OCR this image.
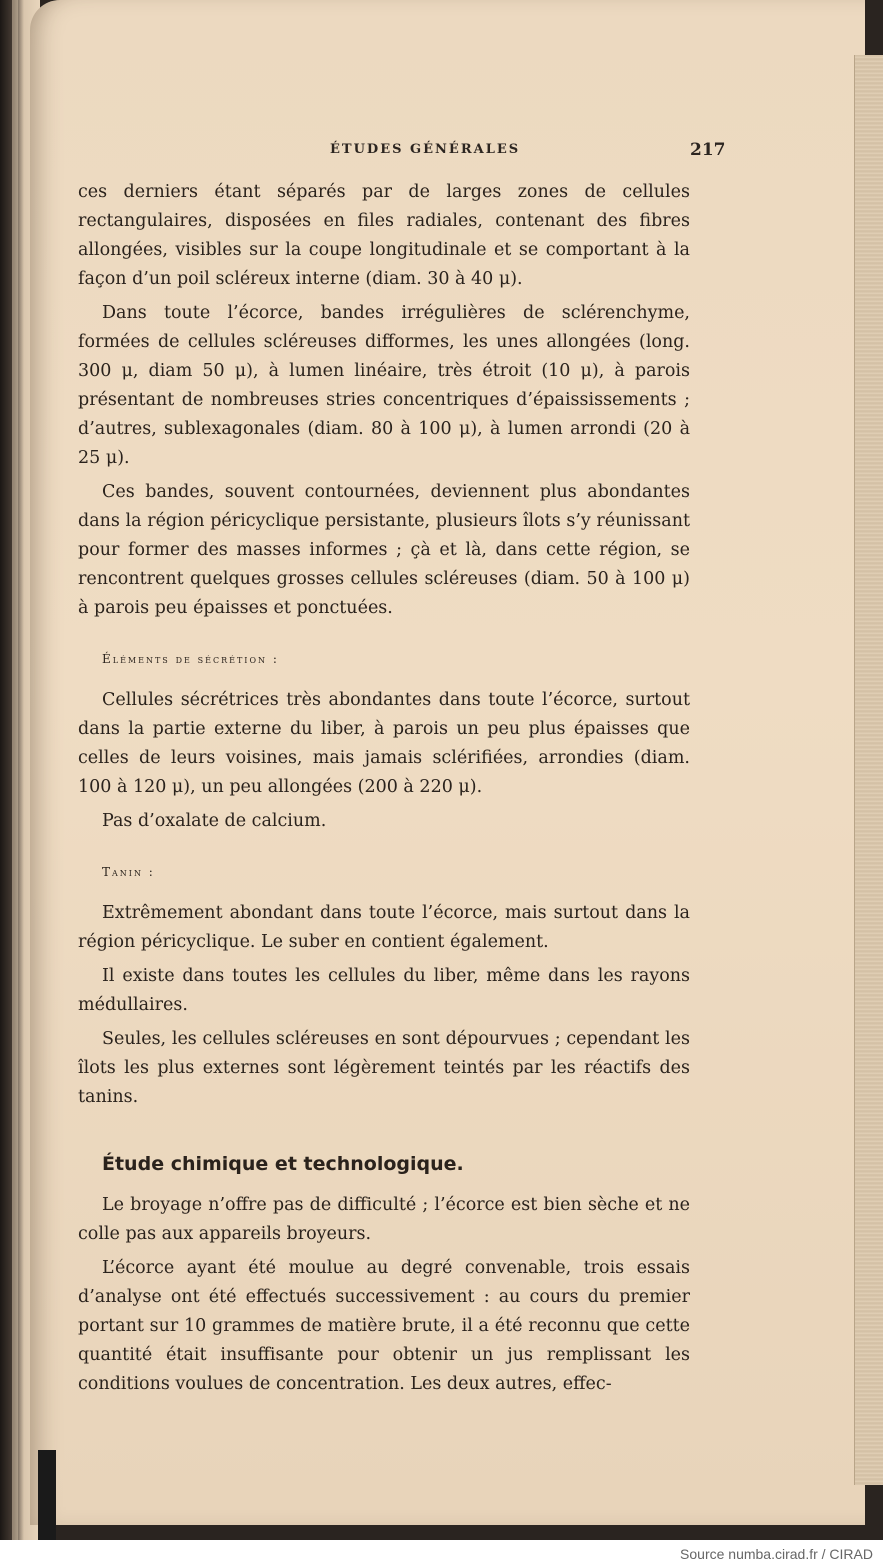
ÉTUDES GÉNÉRALES	217

ces derniers étant séparés par de larges zones de cellules rectangulaires, disposées en files radiales, contenant des fibres allongées, visibles sur la coupe longitudinale et se comportant à la façon d’un poil scléreux interne (diam. 30 à 40 μ).

Dans toute l’écorce, bandes irrégulières de sclérenchyme, formées de cellules scléreuses difformes, les unes allongées (long. 300 μ, diam 50 μ), à lumen linéaire, très étroit (10 μ), à parois présentant de nombreuses stries concentriques d’épaississements ; d’autres, sublexagonales (diam. 80 à 100 μ), à lumen arrondi (20 à 25 μ).

Ces bandes, souvent contournées, deviennent plus abondantes dans la région péricyclique persistante, plusieurs îlots s’y réunissant pour former des masses informes ; çà et là, dans cette région, se rencontrent quelques grosses cellules scléreuses (diam. 50 à 100 μ) à parois peu épaisses et ponctuées.

Éléments de sécrétion :

Cellules sécrétrices très abondantes dans toute l’écorce, surtout dans la partie externe du liber, à parois un peu plus épaisses que celles de leurs voisines, mais jamais sclérifiées, arrondies (diam. 100 à 120 μ), un peu allongées (200 à 220 μ).

Pas d’oxalate de calcium.

Tanin :

Extrêmement abondant dans toute l’écorce, mais surtout dans la région péricyclique. Le suber en contient également.

Il existe dans toutes les cellules du liber, même dans les rayons médullaires.

Seules, les cellules scléreuses en sont dépourvues ; cependant les îlots les plus externes sont légèrement teintés par les réactifs des tanins.

Étude chimique et technologique.

Le broyage n’offre pas de difficulté ; l’écorce est bien sèche et ne colle pas aux appareils broyeurs.

L’écorce ayant été moulue au degré convenable, trois essais d’analyse ont été effectués successivement : au cours du premier portant sur 10 grammes de matière brute, il a été reconnu que cette quantité était insuffisante pour obtenir un jus remplissant les conditions voulues de concentration. Les deux autres, effec-

Source numba.cirad.fr / CIRAD
